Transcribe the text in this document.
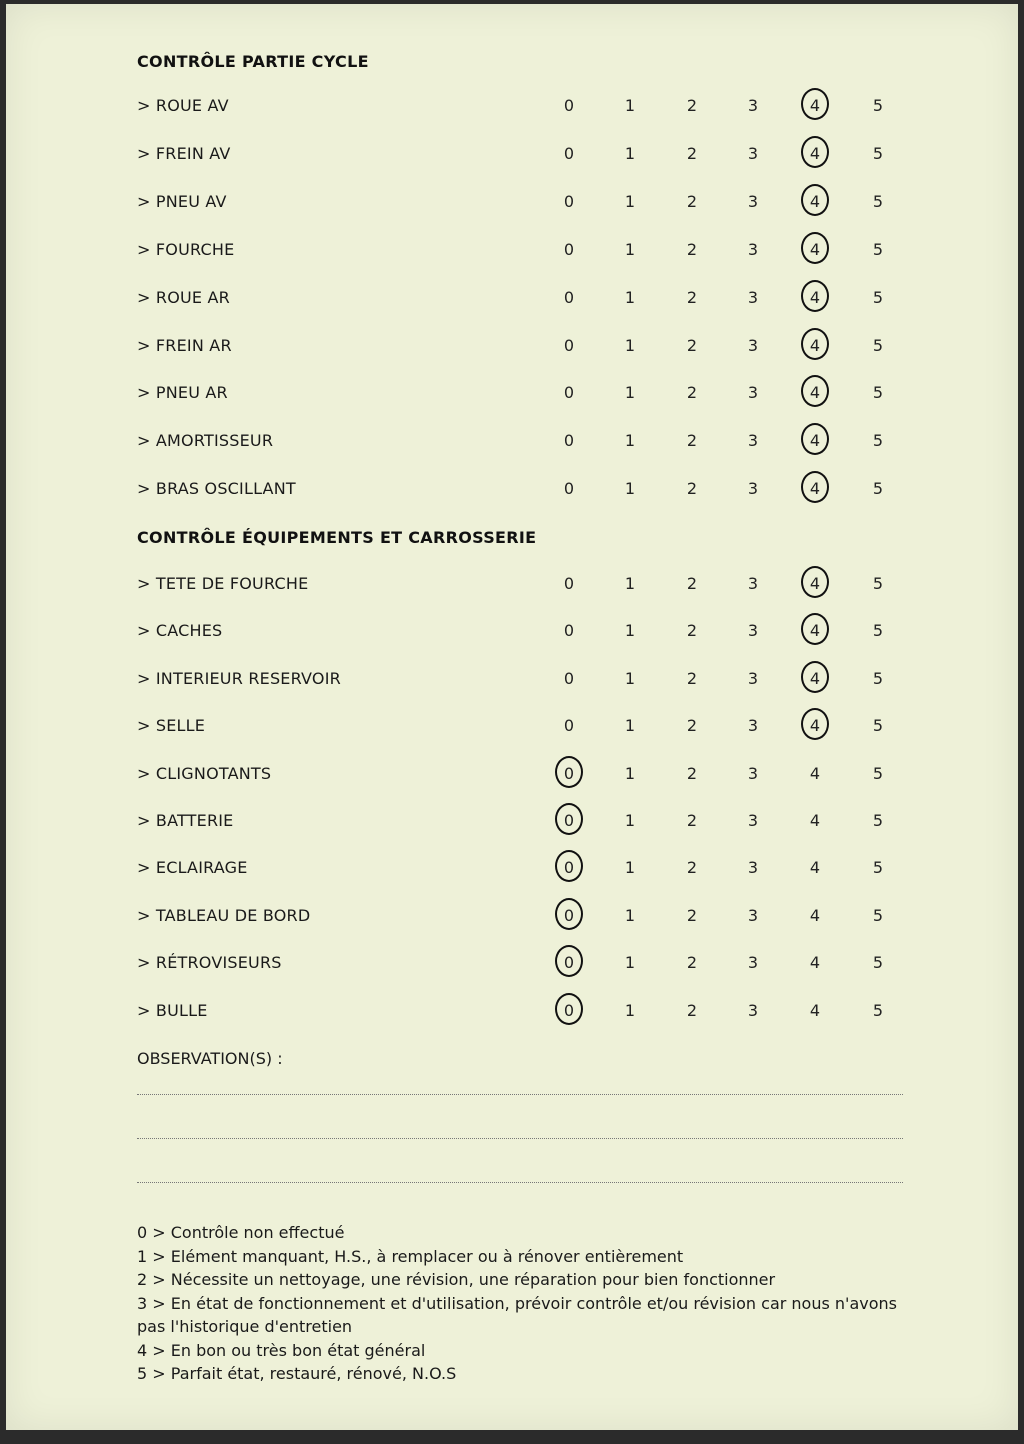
CONTRÔLE PARTIE CYCLE
> ROUE AV	0	1	2	3	4	5
> FREIN AV	0	1	2	3	4	5
> PNEU AV	0	1	2	3	4	5
> FOURCHE	0	1	2	3	4	5
> ROUE AR	0	1	2	3	4	5
> FREIN AR	0	1	2	3	4	5
> PNEU AR	0	1	2	3	4	5
> AMORTISSEUR	0	1	2	3	4	5
> BRAS OSCILLANT	0	1	2	3	4	5
CONTRÔLE ÉQUIPEMENTS ET CARROSSERIE
> TETE DE FOURCHE	0	1	2	3	4	5
> CACHES	0	1	2	3	4	5
> INTERIEUR RESERVOIR	0	1	2	3	4	5
> SELLE	0	1	2	3	4	5
> CLIGNOTANTS	0	1	2	3	4	5
> BATTERIE	0	1	2	3	4	5
> ECLAIRAGE	0	1	2	3	4	5
> TABLEAU DE BORD	0	1	2	3	4	5
> RÉTROVISEURS	0	1	2	3	4	5
> BULLE	0	1	2	3	4	5
OBSERVATION(S) :
0 > Contrôle non effectué
1 > Elément manquant, H.S., à remplacer ou à rénover entièrement
2 > Nécessite un nettoyage, une révision, une réparation pour bien fonctionner
3 > En état de fonctionnement et d'utilisation, prévoir contrôle et/ou révision car nous n'avons pas l'historique d'entretien
4 > En bon ou très bon état général
5 > Parfait état, restauré, rénové, N.O.S
